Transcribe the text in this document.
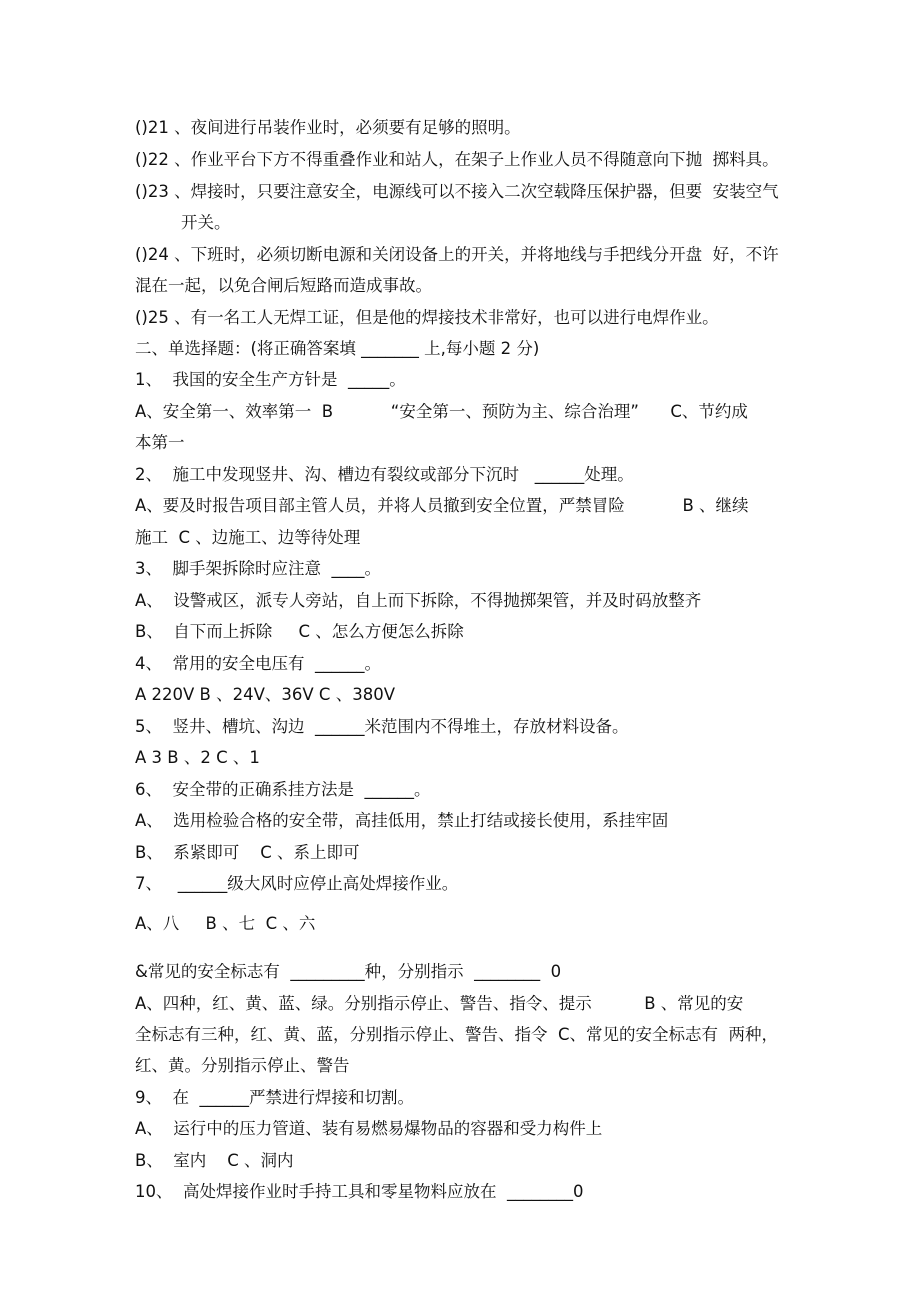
()21 、夜间进行吊装作业时，必须要有足够的照明。
()22 、作业平台下方不得重叠作业和站人，在架子上作业人员不得随意向下抛  掷料具。
()23 、焊接时，只要注意安全，电源线可以不接入二次空载降压保护器，但要  安装空气
开关。
()24 、下班时，必须切断电源和关闭设备上的开关，并将地线与手把线分开盘  好，不许
混在一起，以免合闸后短路而造成事故。
()25 、有一名工人无焊工证，但是他的焊接技术非常好，也可以进行电焊作业。
二、单选择题：(将正确答案填 _______ 上,每小题 2 分)
1、  我国的安全生产方针是  _____。
A、安全第一、效率第一  B           “安全第一、预防为主、综合治理”      C、节约成
本第一
2、  施工中发现竖井、沟、槽边有裂纹或部分下沉时   ______处理。
A、要及时报告项目部主管人员，并将人员撤到安全位置，严禁冒险           B 、继续
施工  C 、边施工、边等待处理
3、  脚手架拆除时应注意  ____。
A、  设警戒区，派专人旁站，自上而下拆除，不得抛掷架管，并及时码放整齐
B、  自下而上拆除     C 、怎么方便怎么拆除
4、  常用的安全电压有  ______。
A 220V B 、24V、36V C 、380V
5、  竖井、槽坑、沟边  ______米范围内不得堆土，存放材料设备。
A 3 B 、2 C 、1
6、  安全带的正确系挂方法是  ______。
A、  选用检验合格的安全带，高挂低用，禁止打结或接长使用，系挂牢固
B、  系紧即可    C 、系上即可
7、   ______级大风时应停止高处焊接作业。
A、八     B 、七  C 、六
&常见的安全标志有  _________种，分别指示  ________  0
A、四种，红、黄、蓝、绿。分别指示停止、警告、指令、提示          B 、常见的安
全标志有三种，红、黄、蓝，分别指示停止、警告、指令  C、常见的安全标志有  两种，
红、黄。分别指示停止、警告
9、  在  ______严禁进行焊接和切割。
A、  运行中的压力管道、装有易燃易爆物品的容器和受力构件上
B、  室内    C 、洞内
10、  高处焊接作业时手持工具和零星物料应放在  ________0
